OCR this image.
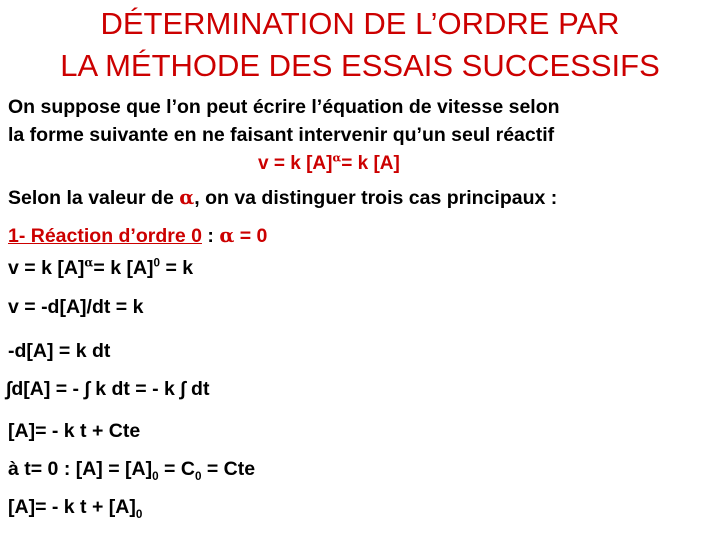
DÉTERMINATION DE L’ORDRE PAR
LA MÉTHODE DES ESSAIS SUCCESSIFS
On suppose que l’on peut écrire l’équation de vitesse selon
la forme suivante en ne faisant intervenir qu’un seul réactif
v = k $[A]^\alpha= k$ [A]
Selon la valeur de α, on va distinguer trois cas principaux :
1- Réaction d’ordre 0 : α = 0
v = k $[A]^\alpha= k$ $[A]^0 = k$
v = -d[A]/dt = k
-d[A] = k dt
∫d[A] = - ∫ k dt = - k ∫ dt
[A]= - k t + Cte
à t= 0 : $[A] = [A]_0 = C_0$ = Cte
[A]= - k $t + [A]_0$
